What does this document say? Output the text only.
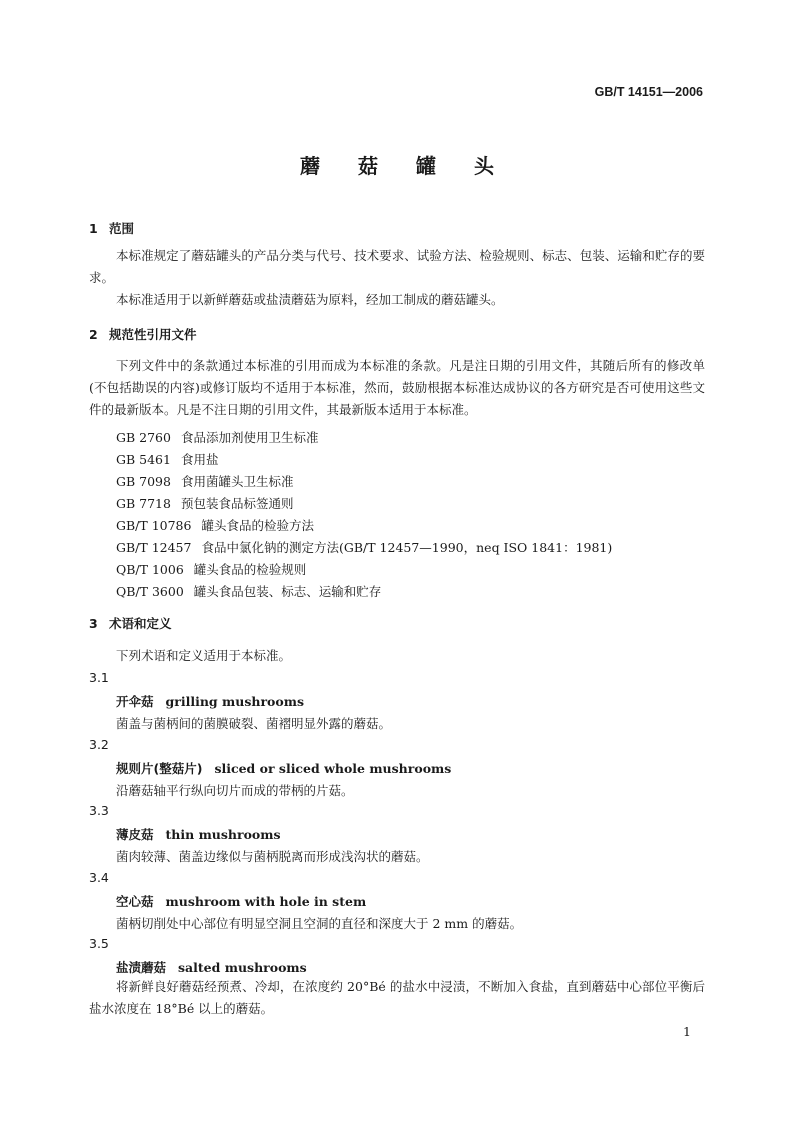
GB/T 14151—2006
蘑菇罐头
1 范围
本标准规定了蘑菇罐头的产品分类与代号、技术要求、试验方法、检验规则、标志、包装、运输和贮存的要求。
本标准适用于以新鲜蘑菇或盐渍蘑菇为原料，经加工制成的蘑菇罐头。
2 规范性引用文件
下列文件中的条款通过本标准的引用而成为本标准的条款。凡是注日期的引用文件，其随后所有的修改单(不包括勘误的内容)或修订版均不适用于本标准，然而，鼓励根据本标准达成协议的各方研究是否可使用这些文件的最新版本。凡是不注日期的引用文件，其最新版本适用于本标准。
GB 2760 食品添加剂使用卫生标准
GB 5461 食用盐
GB 7098 食用菌罐头卫生标准
GB 7718 预包装食品标签通则
GB/T 10786 罐头食品的检验方法
GB/T 12457 食品中氯化钠的测定方法(GB/T 12457—1990，neq ISO 1841：1981)
QB/T 1006 罐头食品的检验规则
QB/T 3600 罐头食品包装、标志、运输和贮存
3 术语和定义
下列术语和定义适用于本标准。
3.1
开伞菇 grilling mushrooms
菌盖与菌柄间的菌膜破裂、菌褶明显外露的蘑菇。
3.2
规则片(整菇片) sliced or sliced whole mushrooms
沿蘑菇轴平行纵向切片而成的带柄的片菇。
3.3
薄皮菇 thin mushrooms
菌肉较薄、菌盖边缘似与菌柄脱离而形成浅沟状的蘑菇。
3.4
空心菇 mushroom with hole in stem
菌柄切削处中心部位有明显空洞且空洞的直径和深度大于 2 mm 的蘑菇。
3.5
盐渍蘑菇 salted mushrooms
将新鲜良好蘑菇经预煮、冷却，在浓度约 20°Bé 的盐水中浸渍，不断加入食盐，直到蘑菇中心部位平衡后盐水浓度在 18°Bé 以上的蘑菇。
1
